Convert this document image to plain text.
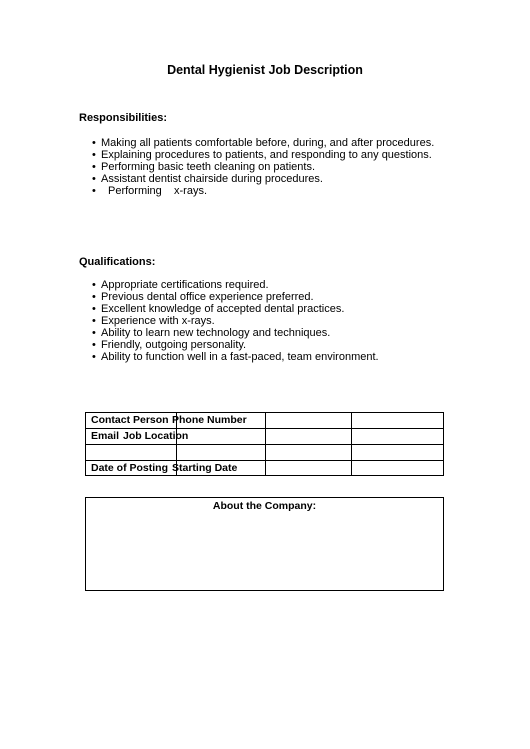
Dental Hygienist Job Description
Responsibilities:
• Making all patients comfortable before, during, and after procedures.
• Explaining procedures to patients, and responding to any questions.
• Performing basic teeth cleaning on patients.
• Assistant dentist chairside during procedures.
• Performing    x-rays.
Qualifications:
• Appropriate certifications required.
• Previous dental office experience preferred.
• Excellent knowledge of accepted dental practices.
• Experience with x-rays.
• Ability to learn new technology and techniques.
• Friendly, outgoing personality.
• Ability to function well in a fast-paced, team environment.
Contact Person Phone Number
Email Job Location
Date of Posting Starting Date
About the Company:
